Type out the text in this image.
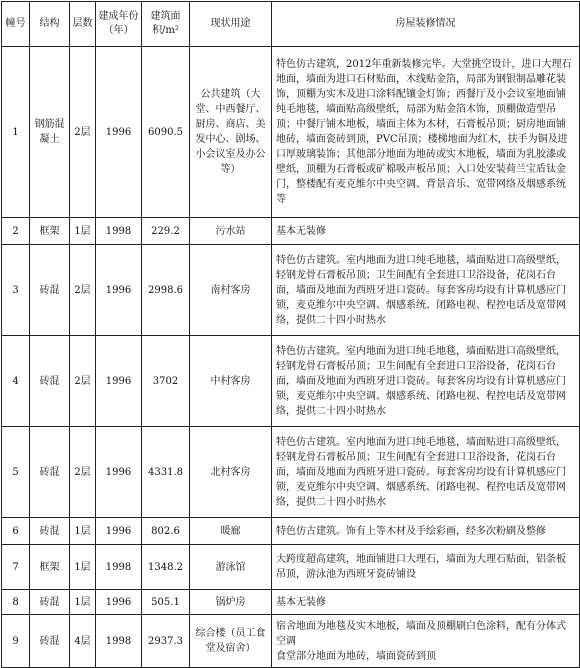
幢号	结构	层数	建成年份（年）	建筑面积/m²	现状用途	房屋装修情况
1	钢筋混凝土	2层	1996	6090.5	公共建筑（大堂、中西餐厅、厨房、商店、美发中心、剧场、小会议室及办公等）	特色仿古建筑，2012年重新装修完毕。大堂挑空设计，进口大理石地面，墙面为进口石材贴面，木线贴金箔，局部为钢银制晶雕花装饰，顶棚为实木及进口涂料配镶金灯饰；西餐厅及小会议室地面铺纯毛地毯，墙面贴高级壁纸，局部为贴金箔木饰，顶棚做造型吊顶；中餐厅铺木地板，墙面主体为木材，石膏板吊顶；厨房地面铺地砖，墙面瓷砖到顶，PVC吊顶；楼梯地面为红木，扶手为铜及进口厚玻璃装饰；其他部分地面为地砖或实木地板，墙面为乳胶漆或壁纸，顶棚为石膏板或矿棉吸声板吊顶；入口处安装荷兰宝盾钛金门，整楼配有麦克维尔中央空调、背景音乐、宽带网络及烟感系统等
2	框架	1层	1998	229.2	污水站	基本无装修
3	砖混	2层	1996	2998.6	南村客房	特色仿古建筑。室内地面为进口纯毛地毯，墙面贴进口高级壁纸，轻钢龙骨石膏板吊顶；卫生间配有全套进口卫浴设备，花岗石台面，墙面及地面为西班牙进口瓷砖。每套客房均设有计算机感应门锁，麦克维尔中央空调、烟感系统、闭路电视、程控电话及宽带网络，提供二十四小时热水
4	砖混	2层	1996	3702	中村客房	特色仿古建筑。室内地面为进口纯毛地毯，墙面贴进口高级壁纸，轻钢龙骨石膏板吊顶；卫生间配有全套进口卫浴设备，花岗石台面，墙面及地面为西班牙进口瓷砖。每套客房均设有计算机感应门锁，麦克维尔中央空调、烟感系统、闭路电视、程控电话及宽带网络，提供二十四小时热水
5	砖混	2层	1996	4331.8	北村客房	特色仿古建筑。室内地面为进口纯毛地毯，墙面贴进口高级壁纸，轻钢龙骨石膏板吊顶；卫生间配有全套进口卫浴设备，花岗石台面，墙面及地面为西班牙进口瓷砖。每套客房均设有计算机感应门锁，麦克维尔中央空调、烟感系统、闭路电视、程控电话及宽带网络，提供二十四小时热水
6	砖混	1层	1996	802.6	暖廊	特色仿古建筑。饰有上等木材及手绘彩画，经多次粉刷及整修
7	框架	1层	1998	1348.2	游泳馆	大跨度超高建筑，地面铺进口大理石，墙面为大理石贴面，铝条板吊顶，游泳池为西班牙瓷砖铺设
8	砖混	1层	1996	505.1	锅炉房	基本无装修
9	砖混	4层	1998	2937.3	综合楼（员工食堂及宿舍）	宿舍地面为地毯及实木地板，墙面及顶棚刷白色涂料，配有分体式空调
食堂部分地面为地砖，墙面瓷砖到顶
